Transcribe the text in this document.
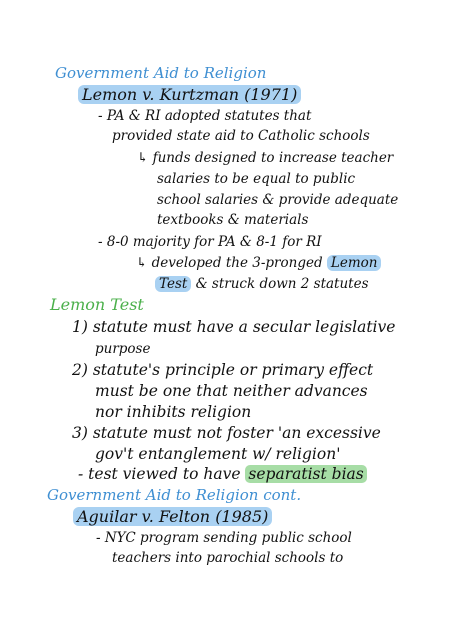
Government Aid to Religion
Lemon v. Kurtzman (1971)
- PA & RI adopted statutes that
provided state aid to Catholic schools
↳ funds designed to increase teacher
salaries to be equal to public
school salaries & provide adequate
textbooks & materials
- 8-0 majority for PA & 8-1 for RI
↳ developed the 3-pronged Lemon
Test & struck down 2 statutes
Lemon Test
1) statute must have a secular legislative
purpose
2) statute's principle or primary effect
must be one that neither advances
nor inhibits religion
3) statute must not foster 'an excessive
gov't entanglement w/ religion'
- test viewed to have separatist bias
Government Aid to Religion cont.
Aguilar v. Felton (1985)
- NYC program sending public school
teachers into parochial schools to
